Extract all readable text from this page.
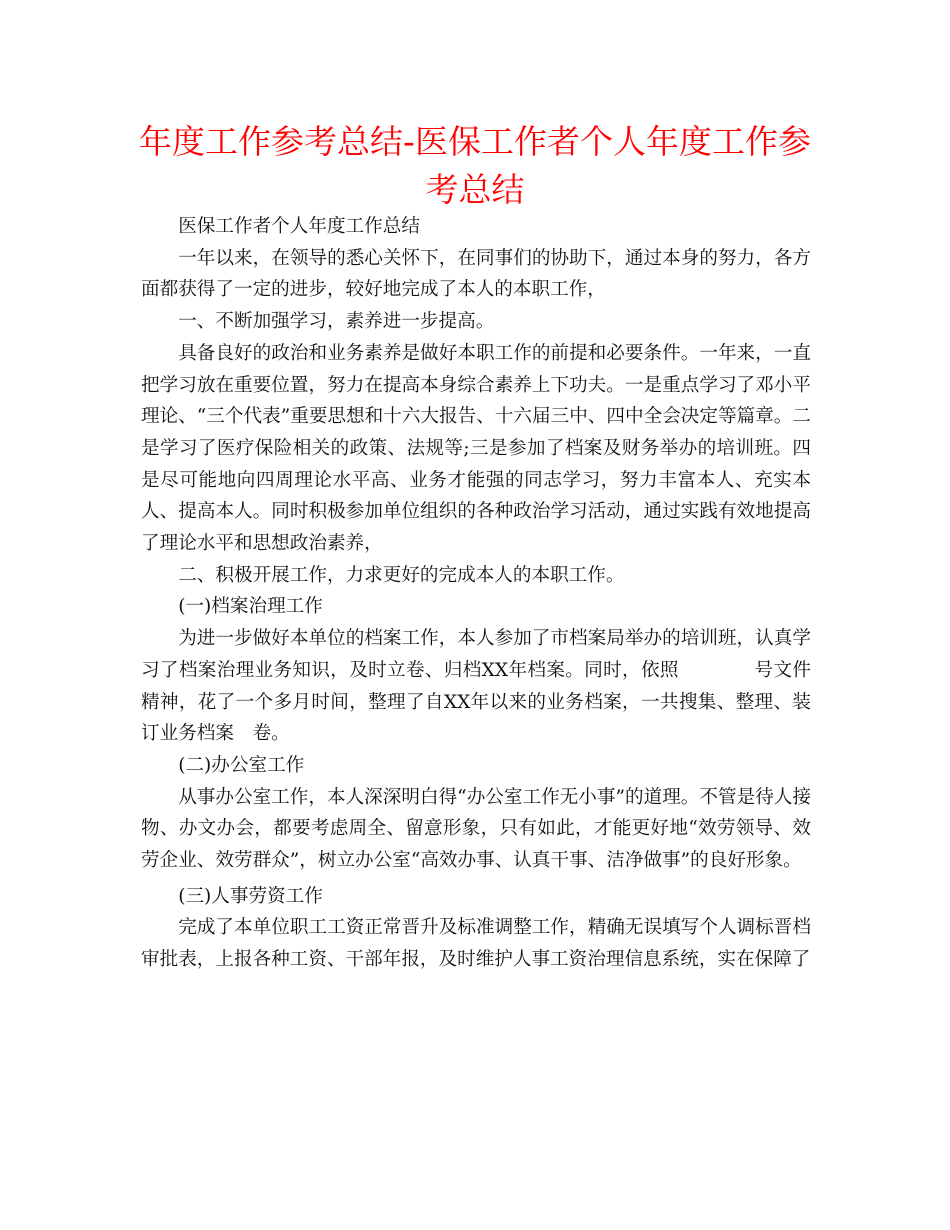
年度工作参考总结-医保工作者个人年度工作参考总结

医保工作者个人年度工作总结

一年以来，在领导的悉心关怀下，在同事们的协助下，通过本身的努力，各方面都获得了一定的进步，较好地完成了本人的本职工作，

一、不断加强学习，素养进一步提高。

具备良好的政治和业务素养是做好本职工作的前提和必要条件。一年来，一直把学习放在重要位置，努力在提高本身综合素养上下功夫。一是重点学习了邓小平理论、“三个代表”重要思想和十六大报告、十六届三中、四中全会决定等篇章。二是学习了医疗保险相关的政策、法规等;三是参加了档案及财务举办的培训班。四是尽可能地向四周理论水平高、业务才能强的同志学习，努力丰富本人、充实本人、提高本人。同时积极参加单位组织的各种政治学习活动，通过实践有效地提高了理论水平和思想政治素养，

二、积极开展工作，力求更好的完成本人的本职工作。

(一)档案治理工作

为进一步做好本单位的档案工作，本人参加了市档案局举办的培训班，认真学习了档案治理业务知识，及时立卷、归档XX年档案。同时，依照　　　　号文件精神，花了一个多月时间，整理了自XX年以来的业务档案，一共搜集、整理、装订业务档案　卷。

(二)办公室工作

从事办公室工作，本人深深明白得“办公室工作无小事”的道理。不管是待人接物、办文办会，都要考虑周全、留意形象，只有如此，才能更好地“效劳领导、效劳企业、效劳群众”，树立办公室“高效办事、认真干事、洁净做事”的良好形象。

(三)人事劳资工作

完成了本单位职工工资正常晋升及标准调整工作，精确无误填写个人调标晋档审批表，上报各种工资、干部年报，及时维护人事工资治理信息系统，实在保障了
